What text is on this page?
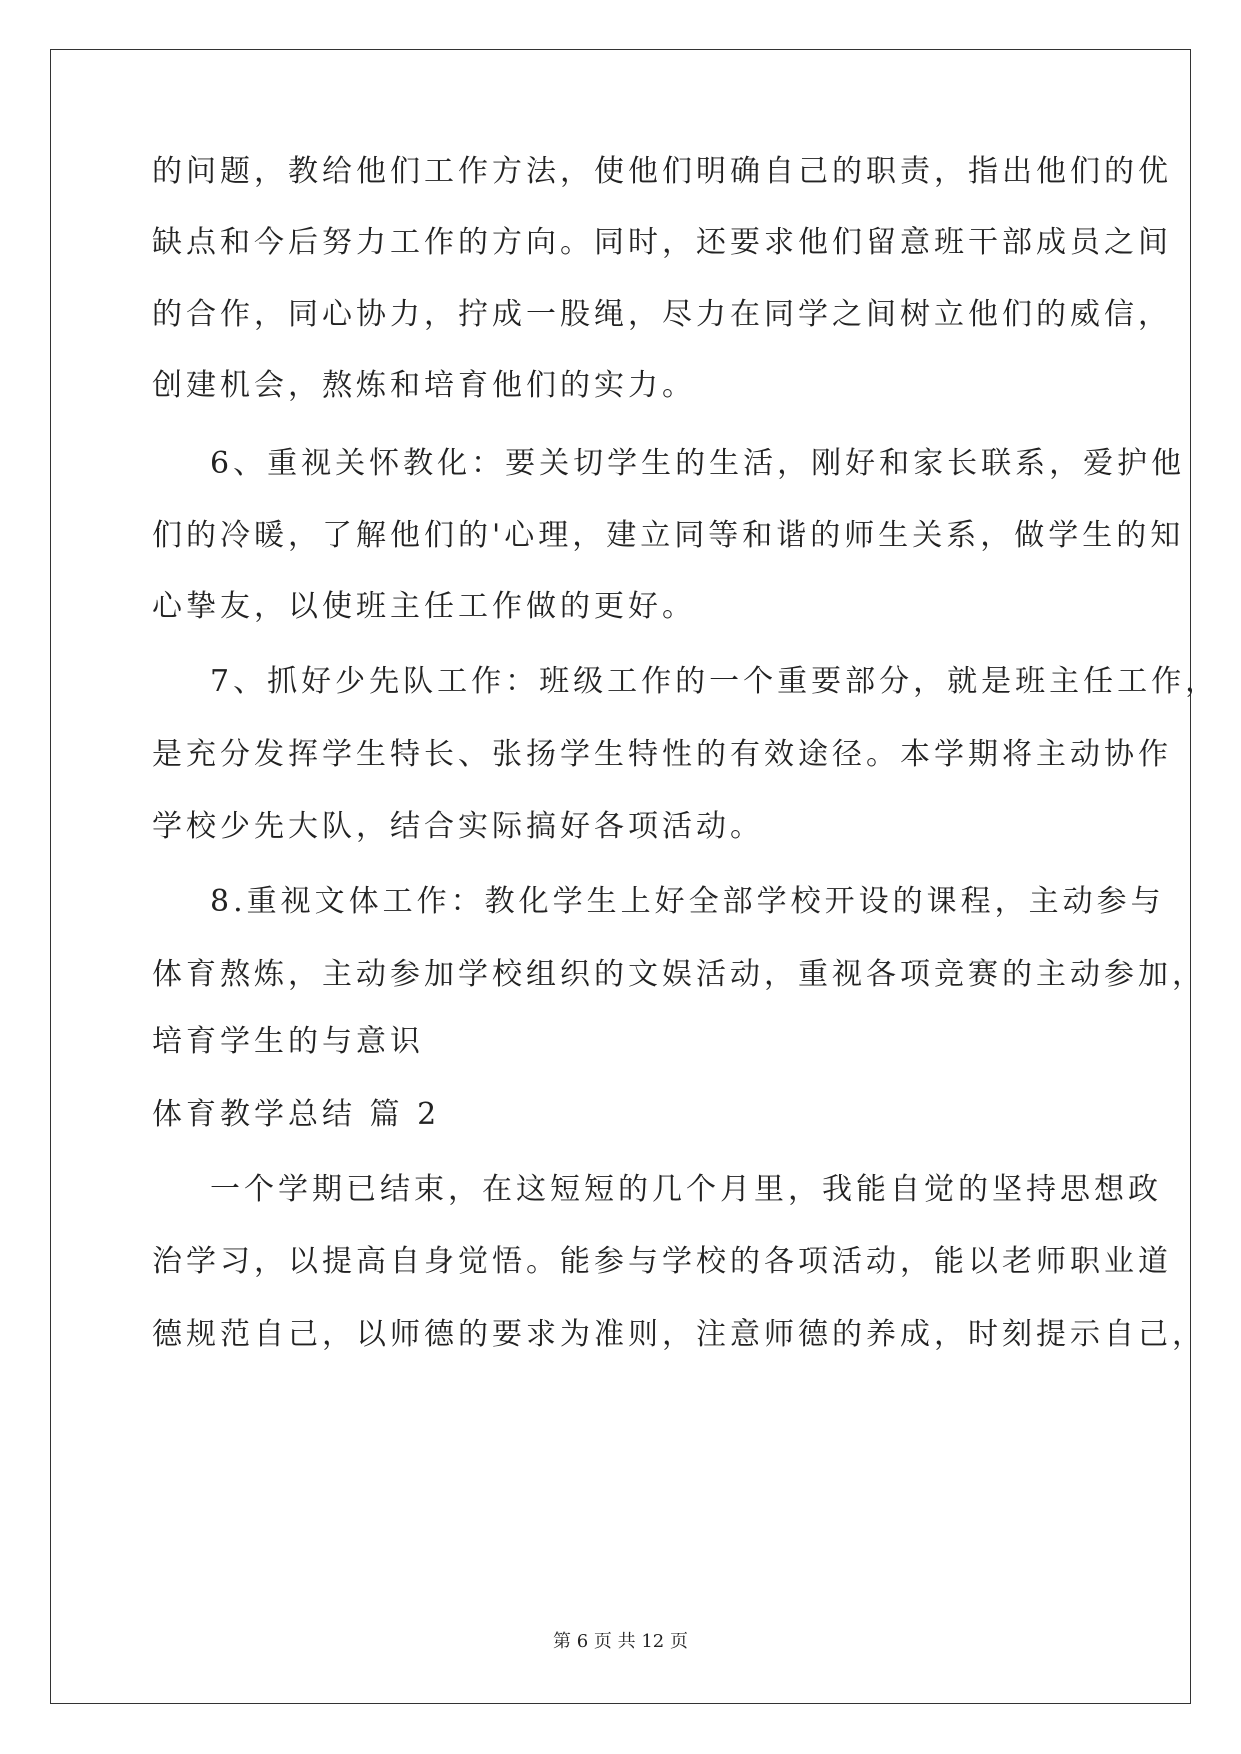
的问题，教给他们工作方法，使他们明确自己的职责，指出他们的优
缺点和今后努力工作的方向。同时，还要求他们留意班干部成员之间
的合作，同心协力，拧成一股绳，尽力在同学之间树立他们的威信，
创建机会，熬炼和培育他们的实力。
6、重视关怀教化：要关切学生的生活，刚好和家长联系，爱护他
们的冷暖，了解他们的'心理，建立同等和谐的师生关系，做学生的知
心挚友，以使班主任工作做的更好。
7、抓好少先队工作：班级工作的一个重要部分，就是班主任工作，
是充分发挥学生特长、张扬学生特性的有效途径。本学期将主动协作
学校少先大队，结合实际搞好各项活动。
8.重视文体工作：教化学生上好全部学校开设的课程，主动参与
体育熬炼，主动参加学校组织的文娱活动，重视各项竞赛的主动参加，
培育学生的与意识
体育教学总结 篇 2
一个学期已结束，在这短短的几个月里，我能自觉的坚持思想政
治学习，以提高自身觉悟。能参与学校的各项活动，能以老师职业道
德规范自己，以师德的要求为准则，注意师德的养成，时刻提示自己，
第 6 页 共 12 页
